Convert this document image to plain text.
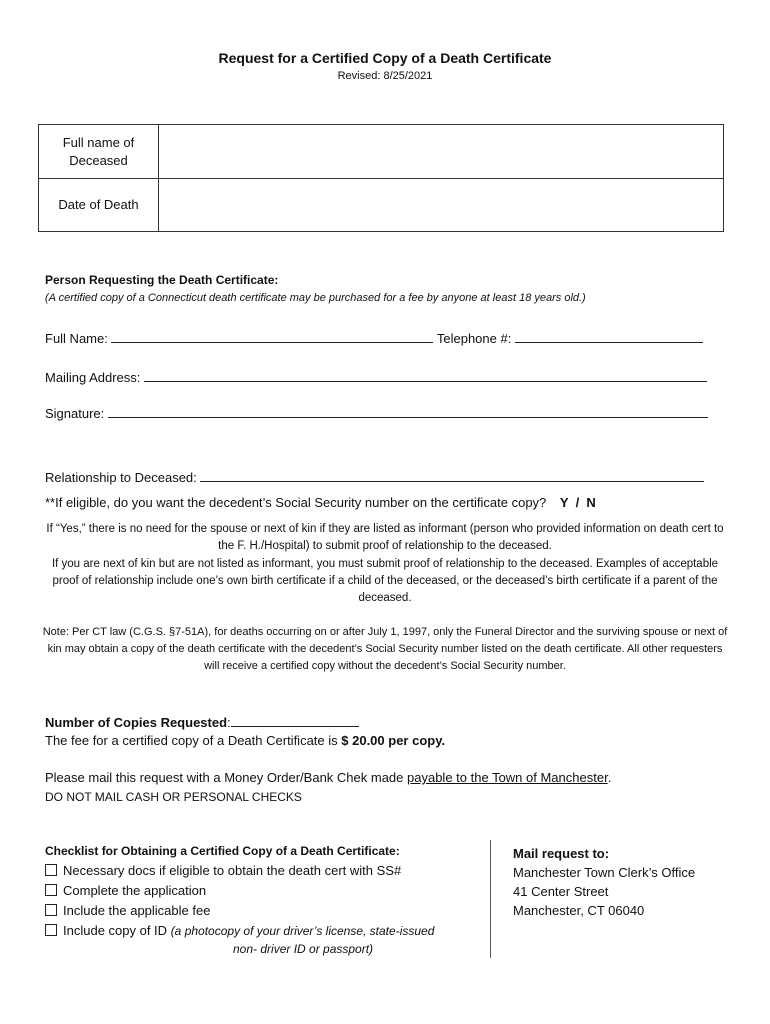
Request for a Certified Copy of a Death Certificate
Revised: 8/25/2021
Full name of Deceased
Date of Death
Person Requesting the Death Certificate:
(A certified copy of a Connecticut death certificate may be purchased for a fee by anyone at least 18 years old.)
Full Name:	Telephone #:
Mailing Address:
Signature:
Relationship to Deceased:
**If eligible, do you want the decedent’s Social Security number on the certificate copy? Y  /  N
If “Yes,” there is no need for the spouse or next of kin if they are listed as informant (person who provided information on death cert to the F. H./Hospital) to submit proof of relationship to the deceased.
If you are next of kin but are not listed as informant, you must submit proof of relationship to the deceased. Examples of acceptable proof of relationship include one’s own birth certificate if a child of the deceased, or the deceased’s birth certificate if a parent of the deceased.
Note: Per CT law (C.G.S. §7-51A), for deaths occurring on or after July 1, 1997, only the Funeral Director and the surviving spouse or next of kin may obtain a copy of the death certificate with the decedent’s Social Security number listed on the death certificate. All other requesters will receive a certified copy without the decedent’s Social Security number.
Number of Copies Requested:
The fee for a certified copy of a Death Certificate is $ 20.00 per copy.
Please mail this request with a Money Order/Bank Chek made payable to the Town of Manchester.
DO NOT MAIL CASH OR PERSONAL CHECKS
Checklist for Obtaining a Certified Copy of a Death Certificate:
Necessary docs if eligible to obtain the death cert with SS#
Complete the application
Include the applicable fee
Include copy of ID (a photocopy of your driver’s license, state-issued
non- driver ID or passport)
Mail request to:
Manchester Town Clerk’s Office
41 Center Street
Manchester, CT 06040
